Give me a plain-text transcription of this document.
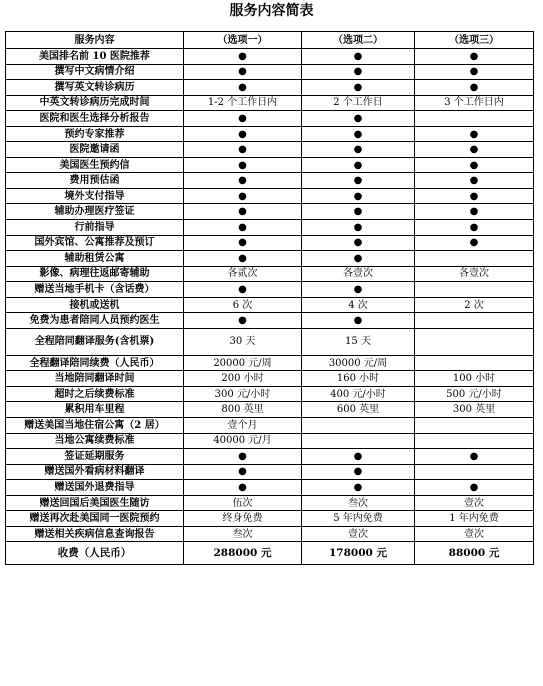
服务内容简表
服务内容	（选项一）	（选项二）	（选项三）
美国排名前 10 医院推荐	●	●	●
撰写中文病情介绍	●	●	●
撰写英文转诊病历	●	●	●
中英文转诊病历完成时间	1-2 个工作日内	2 个工作日	3 个工作日内
医院和医生选择分析报告	●	●	
预约专家推荐	●	●	●
医院邀请函	●	●	●
美国医生预约信	●	●	●
费用预估函	●	●	●
境外支付指导	●	●	●
辅助办理医疗签证	●	●	●
行前指导	●	●	●
国外宾馆、公寓推荐及预订	●	●	●
辅助租赁公寓	●	●	
影像、病理往返邮寄辅助	各贰次	各壹次	各壹次
赠送当地手机卡（含话费）	●	●	
接机或送机	6 次	4 次	2 次
免费为患者陪同人员预约医生	●	●	
全程陪同翻译服务(含机票)	30 天	15 天	
全程翻译陪同续费（人民币）	20000 元/周	30000 元/周	
当地陪同翻译时间	200 小时	160 小时	100 小时
超时之后续费标准	300 元/小时	400 元/小时	500 元/小时
累积用车里程	800 英里	600 英里	300 英里
赠送美国当地住宿公寓（2 居）	壹个月		
当地公寓续费标准	40000 元/月		
签证延期服务	●	●	●
赠送国外看病材料翻译	●	●	
赠送国外退费指导	●	●	●
赠送回国后美国医生随访	伍次	叁次	壹次
赠送再次赴美国同一医院预约	终身免费	5 年内免费	1 年内免费
赠送相关疾病信息查询报告	叁次	壹次	壹次
收费（人民币）	288000 元	178000 元	88000 元
